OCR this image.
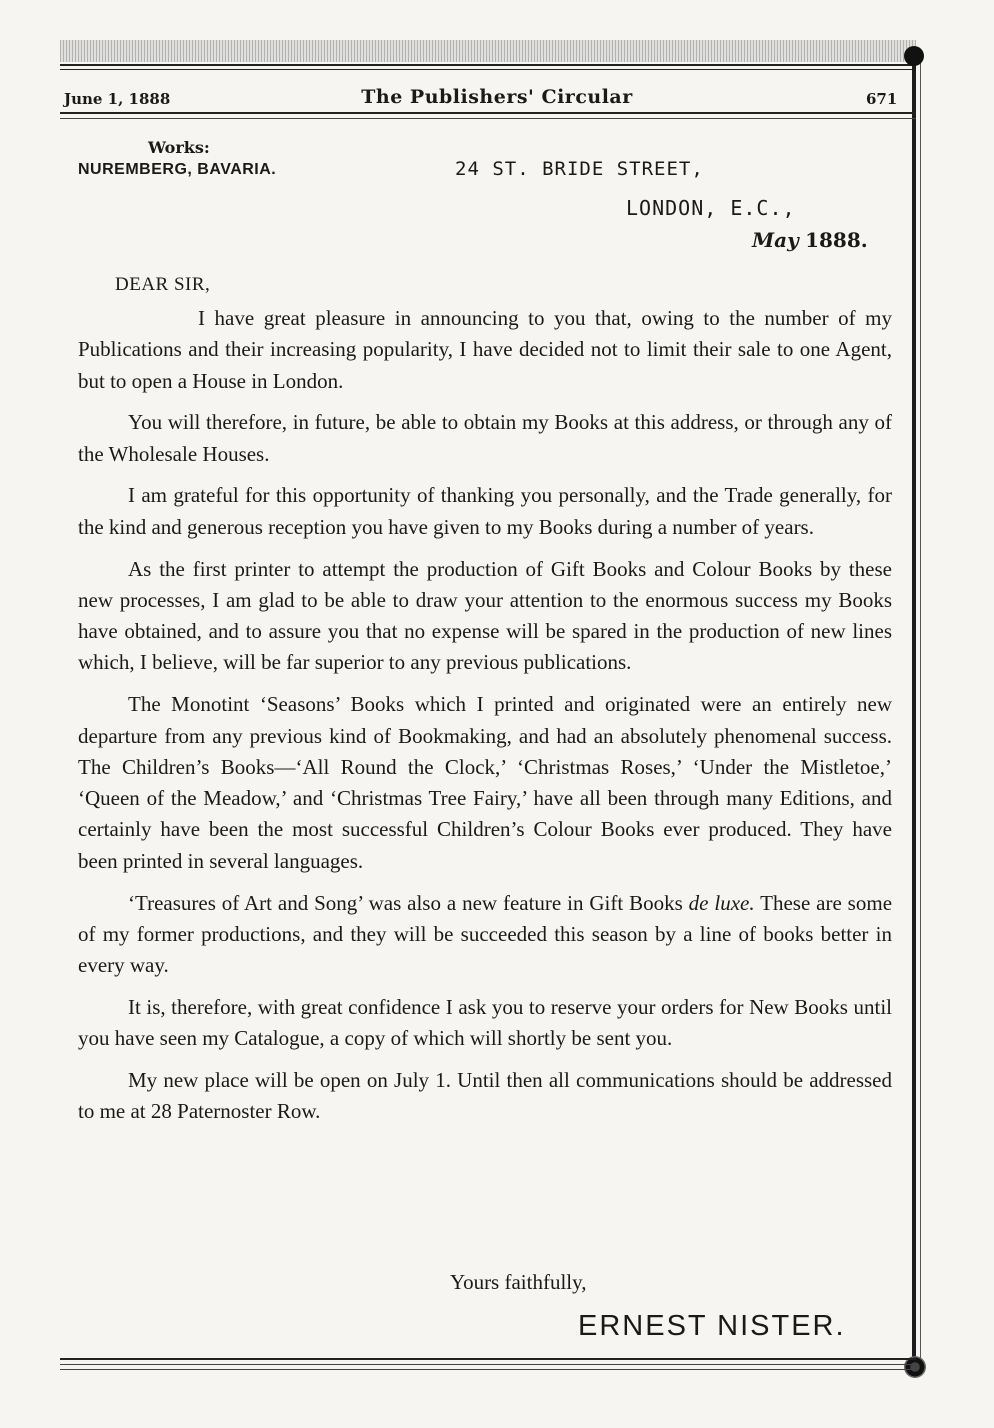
June 1, 1888	The Publishers' Circular	671
Works:
NUREMBERG, BAVARIA.	24 ST. BRIDE STREET,
LONDON, E.C.,
May 1888.
DEAR SIR,

I have great pleasure in announcing to you that, owing to the number of my Publications and their increasing popularity, I have decided not to limit their sale to one Agent, but to open a House in London.

You will therefore, in future, be able to obtain my Books at this address, or through any of the Wholesale Houses.

I am grateful for this opportunity of thanking you personally, and the Trade generally, for the kind and generous reception you have given to my Books during a number of years.

As the first printer to attempt the production of Gift Books and Colour Books by these new processes, I am glad to be able to draw your attention to the enormous success my Books have obtained, and to assure you that no expense will be spared in the production of new lines which, I believe, will be far superior to any previous publications.

The Monotint ‘Seasons’ Books which I printed and originated were an entirely new departure from any previous kind of Bookmaking, and had an absolutely phenomenal success. The Children’s Books—‘All Round the Clock,’ ‘Christmas Roses,’ ‘Under the Mistletoe,’ ‘Queen of the Meadow,’ and ‘Christmas Tree Fairy,’ have all been through many Editions, and certainly have been the most successful Children’s Colour Books ever produced. They have been printed in several languages.

‘Treasures of Art and Song’ was also a new feature in Gift Books de luxe. These are some of my former productions, and they will be succeeded this season by a line of books better in every way.

It is, therefore, with great confidence I ask you to reserve your orders for New Books until you have seen my Catalogue, a copy of which will shortly be sent you.

My new place will be open on July 1. Until then all communications should be addressed to me at 28 Paternoster Row.

Yours faithfully,
ERNEST NISTER.
